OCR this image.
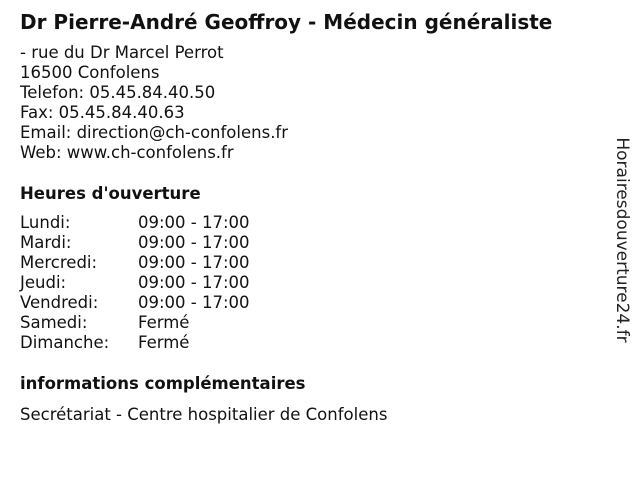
Dr Pierre-André Geoffroy - Médecin généraliste
- rue du Dr Marcel Perrot
16500 Confolens
Telefon: 05.45.84.40.50
Fax: 05.45.84.40.63
Email: direction@ch-confolens.fr
Web: www.ch-confolens.fr
Heures d'ouverture
Lundi:	09:00 - 17:00
Mardi:	09:00 - 17:00
Mercredi:	09:00 - 17:00
Jeudi:	09:00 - 17:00
Vendredi:	09:00 - 17:00
Samedi:	Fermé
Dimanche:	Fermé
informations complémentaires
Secrétariat - Centre hospitalier de Confolens
Horairesdouverture24.fr
